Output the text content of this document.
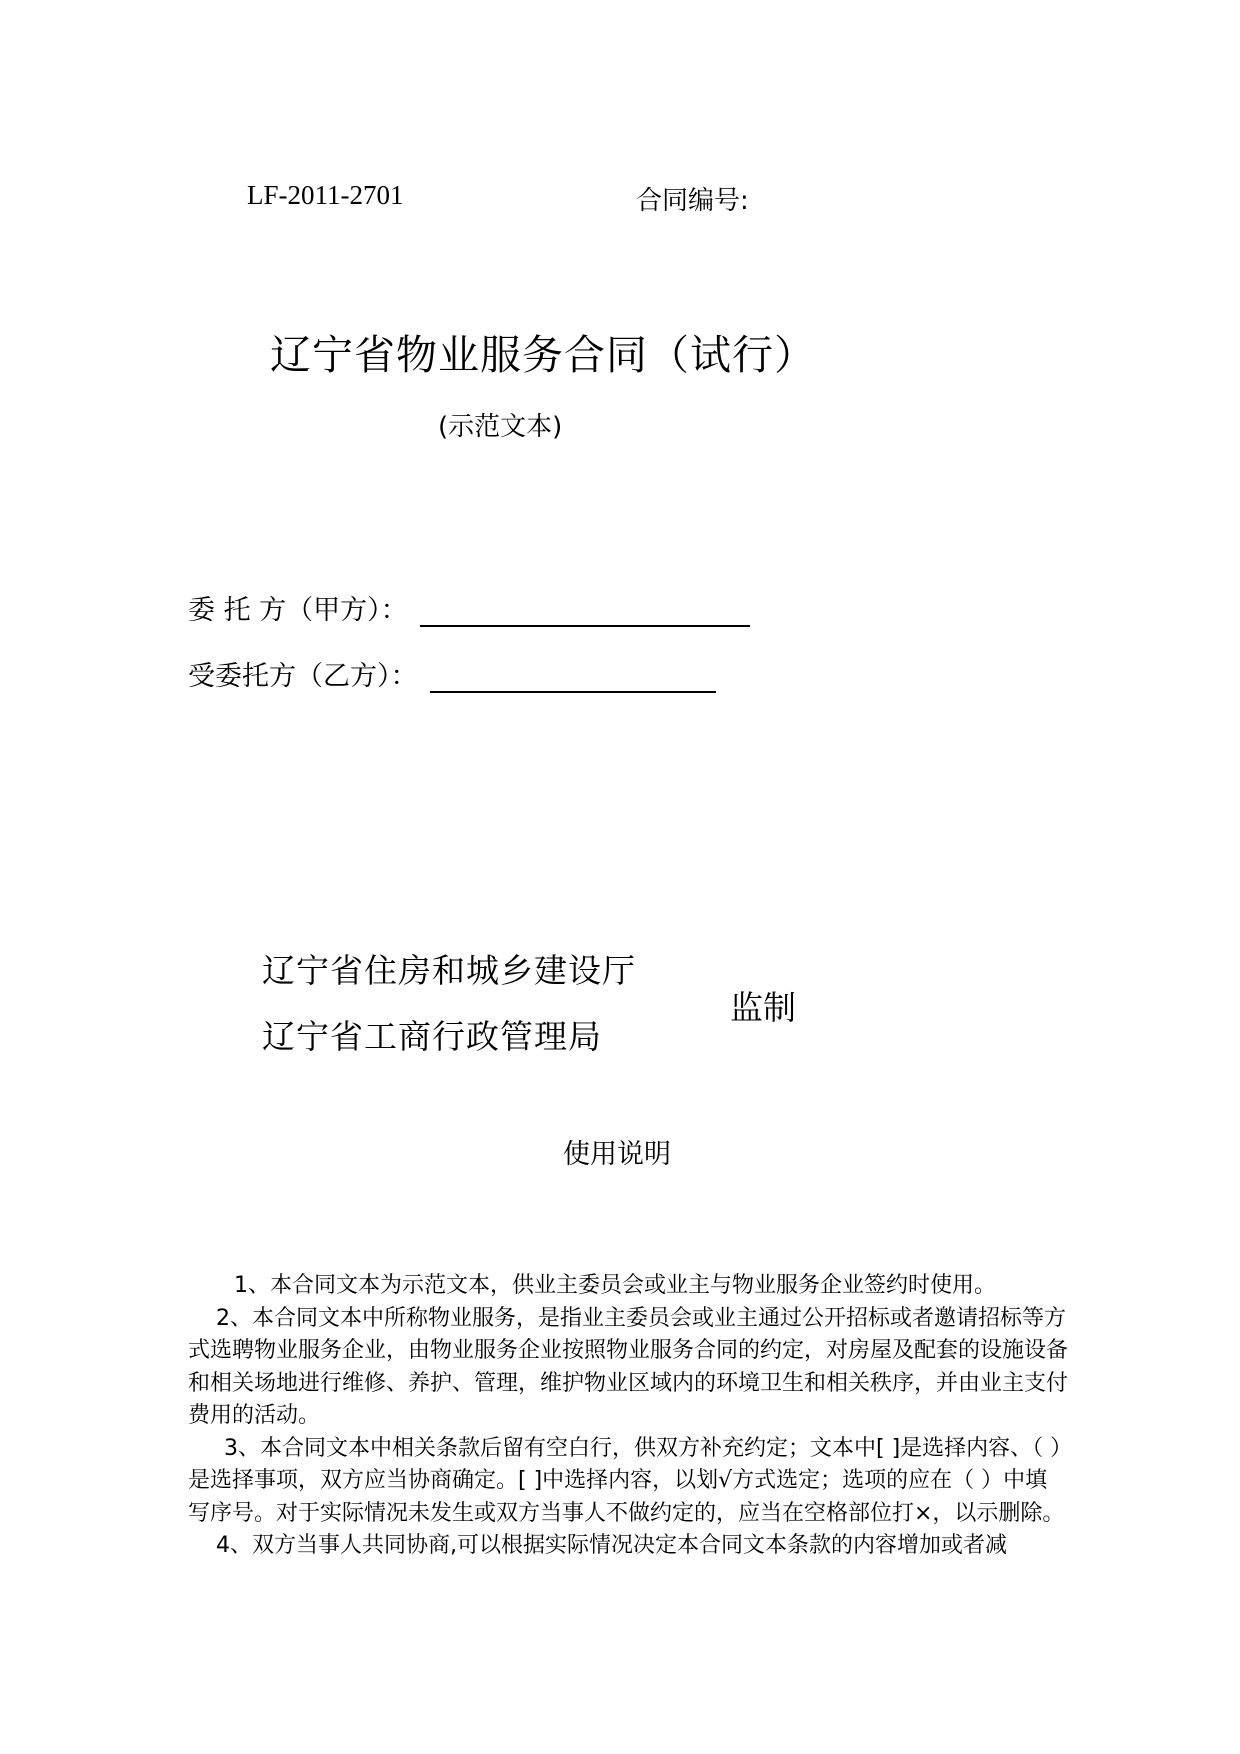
LF-2011-2701	合同编号:
辽宁省物业服务合同（试行）
(示范文本)
委 托 方（甲方）：
受委托方（乙方）：
辽宁省住房和城乡建设厅
辽宁省工商行政管理局
监制
使用说明

1、本合同文本为示范文本，供业主委员会或业主与物业服务企业签约时使用。

2、本合同文本中所称物业服务，是指业主委员会或业主通过公开招标或者邀请招标等方式选聘物业服务企业，由物业服务企业按照物业服务合同的约定，对房屋及配套的设施设备和相关场地进行维修、养护、管理，维护物业区域内的环境卫生和相关秩序，并由业主支付费用的活动。

3、本合同文本中相关条款后留有空白行，供双方补充约定；文本中[ ]是选择内容、（ ）是选择事项，双方应当协商确定。[ ]中选择内容，以划√方式选定；选项的应在（ ）中填写序号。对于实际情况未发生或双方当事人不做约定的，应当在空格部位打×，以示删除。

4、双方当事人共同协商,可以根据实际情况决定本合同文本条款的内容增加或者减
